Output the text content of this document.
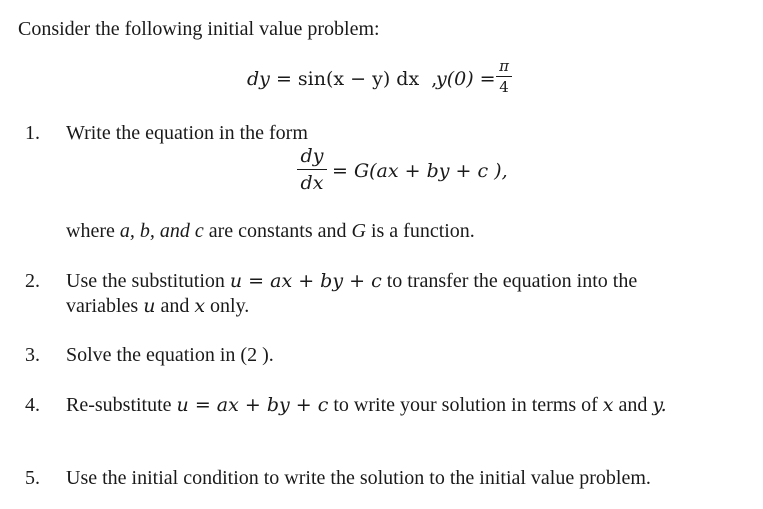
Consider the following initial value problem:
dy = sin(x − y) dx ,
y(0) =
π
4
1. Write the equation in the form
dy
dx
= G(ax + by + c ),
where a, b, and c are constants and G is a function.
2. Use the substitution u = ax + by + c to transfer the equation into the
variables u and x only.
3. Solve the equation in (2 ).
4. Re-substitute u = ax + by + c to write your solution in terms of x and y.
5. Use the initial condition to write the solution to the initial value problem.
